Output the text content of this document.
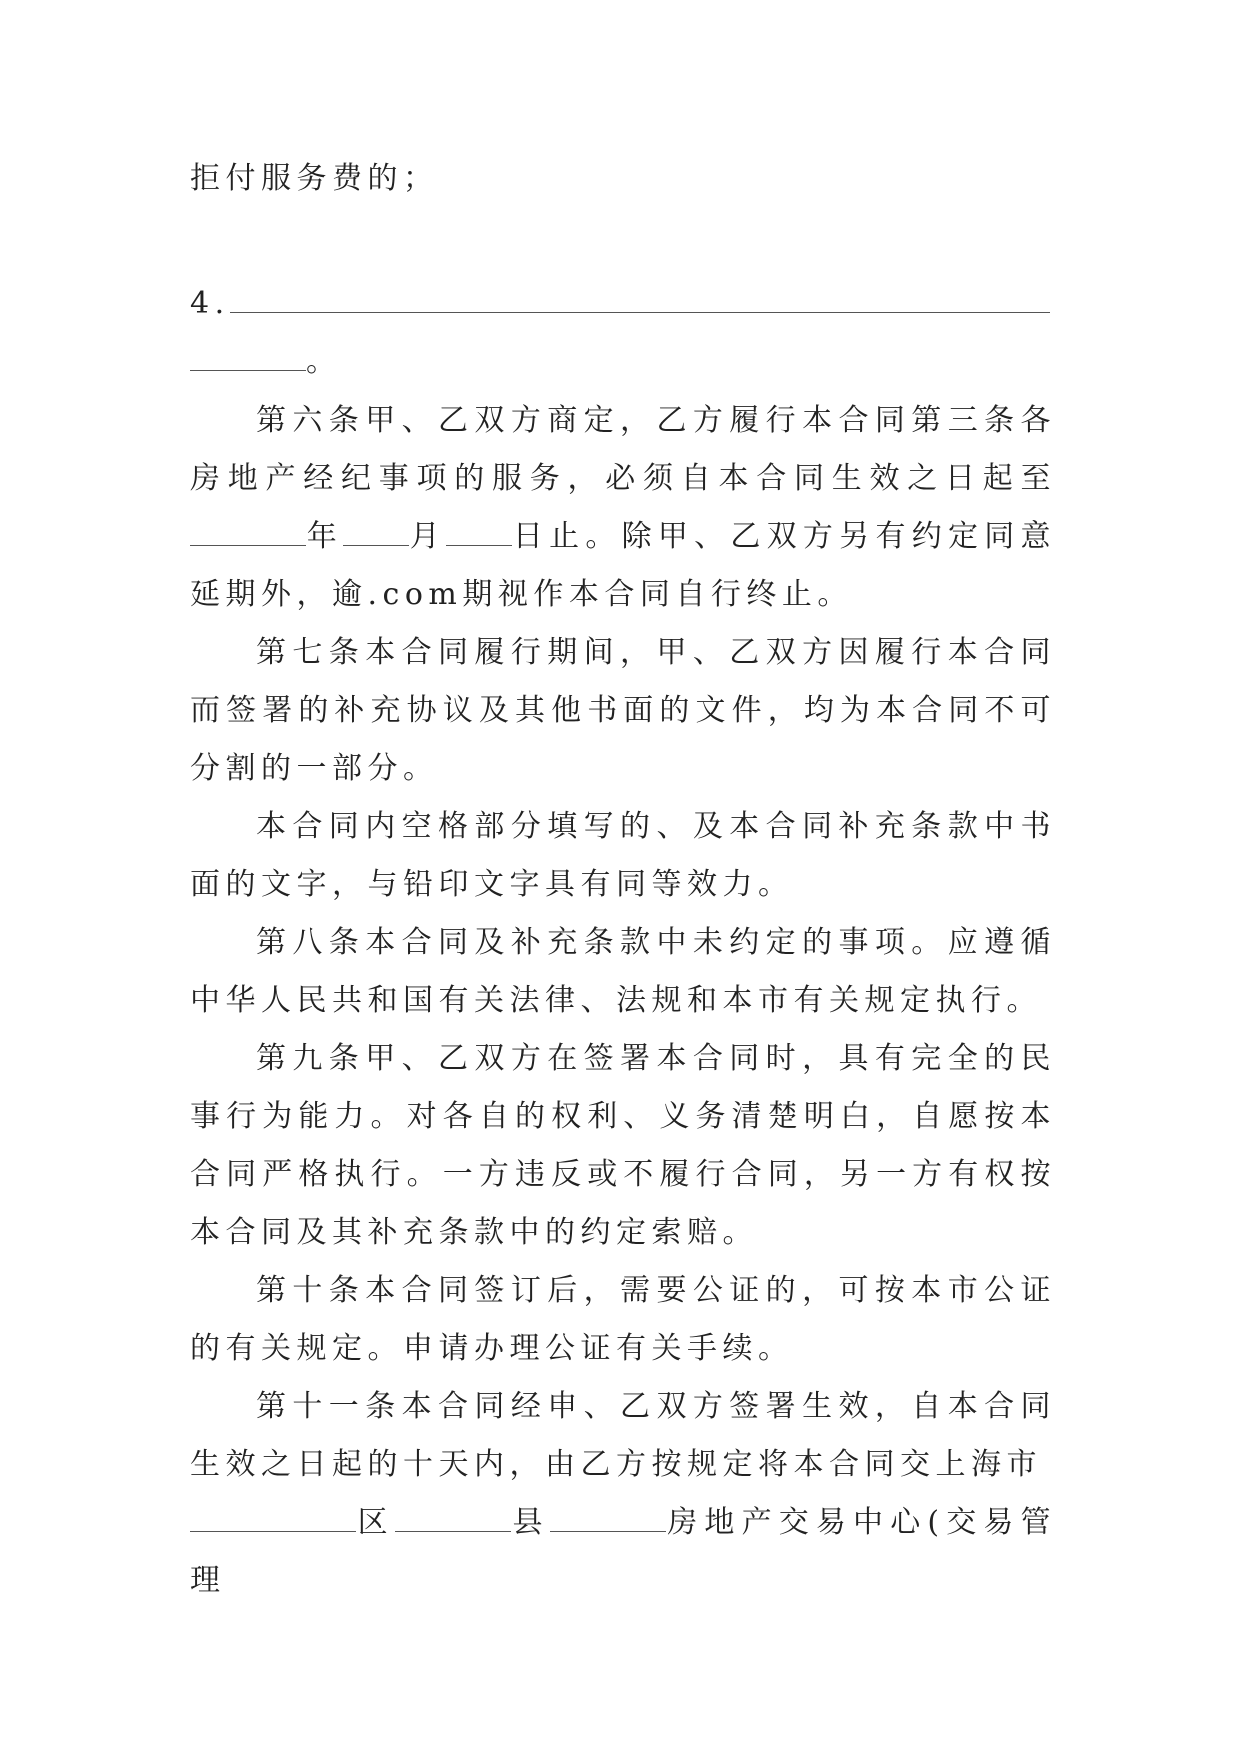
拒付服务费的；

4.
。

第六条甲、乙双方商定，乙方履行本合同第三条各房地产经纪事项的服务，必须自本合同生效之日起至年 月 日止。除甲、乙双方另有约定同意延期外，逾.com期视作本合同自行终止。

第七条本合同履行期间，甲、乙双方因履行本合同而签署的补充协议及其他书面的文件，均为本合同不可分割的一部分。

本合同内空格部分填写的、及本合同补充条款中书面的文字，与铅印文字具有同等效力。

第八条本合同及补充条款中未约定的事项。应遵循中华人民共和国有关法律、法规和本市有关规定执行。

第九条甲、乙双方在签署本合同时，具有完全的民事行为能力。对各自的权利、义务清楚明白，自愿按本合同严格执行。一方违反或不履行合同，另一方有权按本合同及其补充条款中的约定索赔。

第十条本合同签订后，需要公证的，可按本市公证的有关规定。申请办理公证有关手续。

第十一条本合同经申、乙双方签署生效，自本合同生效之日起的十天内，由乙方按规定将本合同交上海市
区	县	房地产交易中心(交易管理
